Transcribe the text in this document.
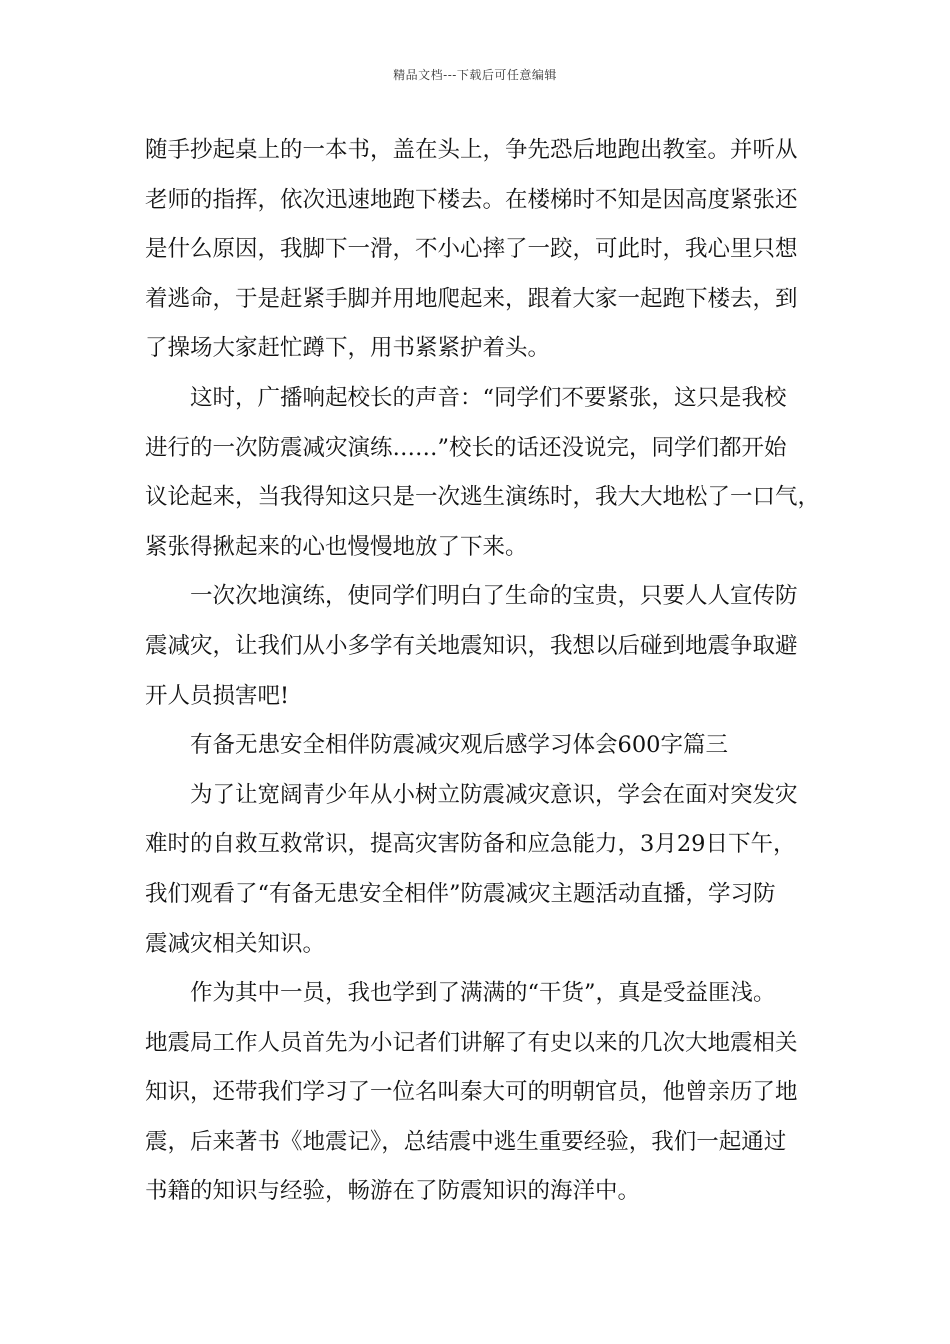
精品文档---下载后可任意编辑
随手抄起桌上的一本书，盖在头上，争先恐后地跑出教室。并听从
老师的指挥，依次迅速地跑下楼去。在楼梯时不知是因高度紧张还
是什么原因，我脚下一滑，不小心摔了一跤，可此时，我心里只想
着逃命，于是赶紧手脚并用地爬起来，跟着大家一起跑下楼去，到
了操场大家赶忙蹲下，用书紧紧护着头。
这时，广播响起校长的声音：“同学们不要紧张，这只是我校
进行的一次防震减灾演练……”校长的话还没说完，同学们都开始
议论起来，当我得知这只是一次逃生演练时，我大大地松了一口气，
紧张得揪起来的心也慢慢地放了下来。
一次次地演练，使同学们明白了生命的宝贵，只要人人宣传防
震减灾，让我们从小多学有关地震知识，我想以后碰到地震争取避
开人员损害吧!
有备无患安全相伴防震减灾观后感学习体会600字篇三
为了让宽阔青少年从小树立防震减灾意识，学会在面对突发灾
难时的自救互救常识，提高灾害防备和应急能力，3月29日下午，
我们观看了“有备无患安全相伴”防震减灾主题活动直播，学习防
震减灾相关知识。
作为其中一员，我也学到了满满的“干货”，真是受益匪浅。
地震局工作人员首先为小记者们讲解了有史以来的几次大地震相关
知识，还带我们学习了一位名叫秦大可的明朝官员，他曾亲历了地
震，后来著书《地震记》，总结震中逃生重要经验，我们一起通过
书籍的知识与经验，畅游在了防震知识的海洋中。
